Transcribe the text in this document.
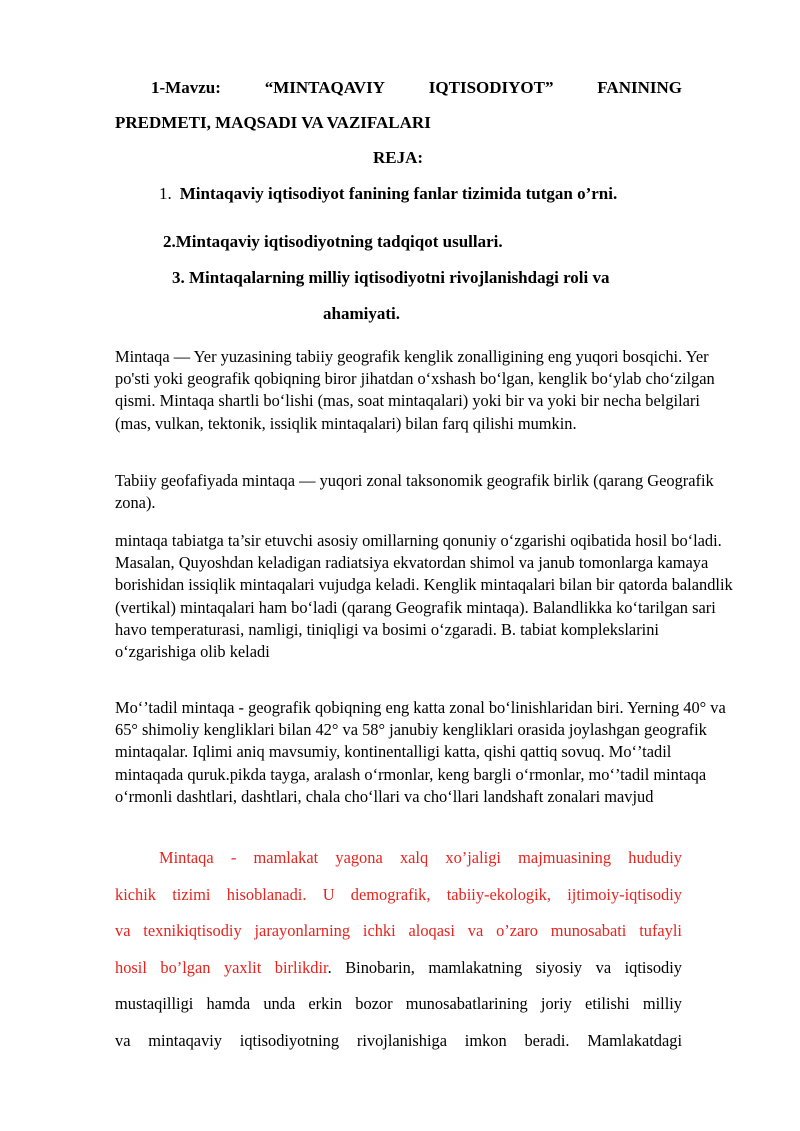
1-Mavzu:	“MINTAQAVIY	IQTISODIYOT”	FANINING
PREDMETI, MAQSADI VA VAZIFALARI
REJA:
1. Mintaqaviy iqtisodiyot fanining fanlar tizimida tutgan o’rni.
2.Mintaqaviy iqtisodiyotning tadqiqot usullari.
3. Mintaqalarning milliy iqtisodiyotni rivojlanishdagi roli va
ahamiyati.

Mintaqa — Yer yuzasining tabiiy geografik kenglik zonalligining eng yuqori bosqichi. Yer po'sti yoki geografik qobiqning biror jihatdan o‘xshash bo‘lgan, kenglik bo‘ylab cho‘zilgan qismi. Mintaqa shartli bo‘lishi (mas, soat mintaqalari) yoki bir va yoki bir necha belgilari (mas, vulkan, tektonik, issiqlik mintaqalari) bilan farq qilishi mumkin.

Tabiiy geofafiyada mintaqa — yuqori zonal taksonomik geografik birlik (qarang Geografik zona).

mintaqa tabiatga ta’sir etuvchi asosiy omillarning qonuniy o‘zgarishi oqibatida hosil bo‘ladi. Masalan, Quyoshdan keladigan radiatsiya ekvatordan shimol va janub tomonlarga kamaya borishidan issiqlik mintaqalari vujudga keladi. Kenglik mintaqalari bilan bir qatorda balandlik (vertikal) mintaqalari ham bo‘ladi (qarang Geografik mintaqa). Balandlikka ko‘tarilgan sari havo temperaturasi, namligi, tiniqligi va bosimi o‘zgaradi. B. tabiat komplekslarini o‘zgarishiga olib keladi

Mo‘’tadil mintaqa - geografik qobiqning eng katta zonal bo‘linishlaridan biri. Yerning 40° va 65° shimoliy kengliklari bilan 42° va 58° janubiy kengliklari orasida joylashgan geografik mintaqalar. Iqlimi aniq mavsumiy, kontinentalligi katta, qishi qattiq sovuq. Mo‘’tadil mintaqada quruk.pikda tayga, aralash o‘rmonlar, keng bargli o‘rmonlar, mo‘’tadil mintaqa o‘rmonli dashtlari, dashtlari, chala cho‘llari va cho‘llari landshaft zonalari mavjud

Mintaqa - mamlakat yagona xalq xo’jaligi majmuasining hududiy
kichik tizimi hisoblanadi. U demografik, tabiiy-ekologik, ijtimoiy-iqtisodiy
va texnikiqtisodiy jarayonlarning ichki aloqasi va o’zaro munosabati tufayli
hosil bo’lgan yaxlit birlikdir. Binobarin, mamlakatning siyosiy va iqtisodiy
mustaqilligi hamda unda erkin bozor munosabatlarining joriy etilishi milliy
va mintaqaviy iqtisodiyotning rivojlanishiga imkon beradi. Mamlakatdagi
